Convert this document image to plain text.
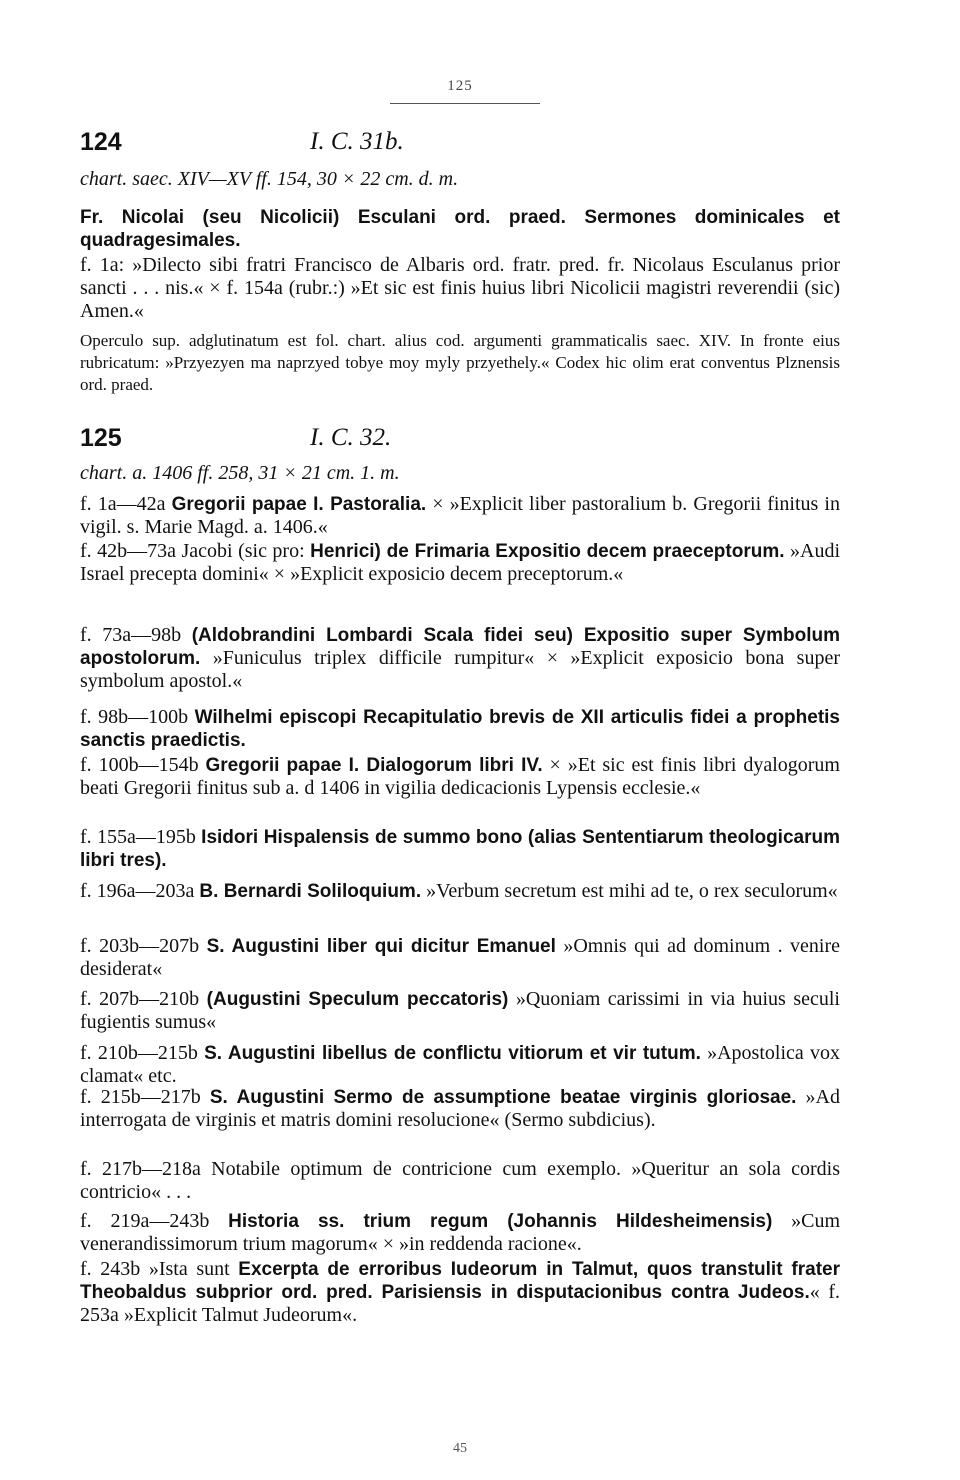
125
124	I. C. 31b.
chart. saec. XIV—XV ff. 154, 30 × 22 cm. d. m.
Fr. Nicolai (seu Nicolicii) Esculani ord. praed. Sermones dominicales et quadragesimales.
f. 1a: »Dilecto sibi fratri Francisco de Albaris ord. fratr. pred. fr. Nicolaus Esculanus prior sancti . . . nis.« × f. 154a (rubr.:) »Et sic est finis huius libri Nicolicii magistri reverendii (sic) Amen.«
Operculo sup. adglutinatum est fol. chart. alius cod. argumenti grammaticalis saec. XIV. In fronte eius rubricatum: »Przyezyen ma naprzyed tobye moy myly przyethely.« Codex hic olim erat conventus Plznensis ord. praed.
125	I. C. 32.
chart. a. 1406 ff. 258, 31 × 21 cm. 1. m.
f. 1a—42a Gregorii papae I. Pastoralia. × »Explicit liber pastoralium b. Gregorii finitus in vigil. s. Marie Magd. a. 1406.«
f. 42b—73a Jacobi (sic pro: Henrici) de Frimaria Expositio decem praeceptorum. »Audi Israel precepta domini« × »Explicit exposicio decem preceptorum.«
f. 73a—98b (Aldobrandini Lombardi Scala fidei seu) Expositio super Symbolum apostolorum. »Funiculus triplex difficile rumpitur« × »Explicit exposicio bona super symbolum apostol.«
f. 98b—100b Wilhelmi episcopi Recapitulatio brevis de XII articulis fidei a prophetis sanctis praedictis.
f. 100b—154b Gregorii papae I. Dialogorum libri IV. × »Et sic est finis libri dyalogorum beati Gregorii finitus sub a. d 1406 in vigilia dedicacionis Lypensis ecclesie.«
f. 155a—195b Isidori Hispalensis de summo bono (alias Sententiarum theologicarum libri tres).
f. 196a—203a B. Bernardi Soliloquium. »Verbum secretum est mihi ad te, o rex seculorum«
f. 203b—207b S. Augustini liber qui dicitur Emanuel »Omnis qui ad dominum . venire desiderat«
f. 207b—210b (Augustini Speculum peccatoris) »Quoniam carissimi in via huius seculi fugientis sumus«
f. 210b—215b S. Augustini libellus de conflictu vitiorum et vir tutum. »Apostolica vox clamat« etc.
f. 215b—217b S. Augustini Sermo de assumptione beatae virginis gloriosae. »Ad interrogata de virginis et matris domini resolucione« (Sermo subdicius).
f. 217b—218a Notabile optimum de contricione cum exemplo. »Queritur an sola cordis contricio« . . .
f. 219a—243b Historia ss. trium regum (Johannis Hildesheimensis) »Cum venerandissimorum trium magorum« × »in reddenda racione«.
f. 243b »Ista sunt Excerpta de erroribus Iudeorum in Talmut, quos transtulit frater Theobaldus subprior ord. pred. Parisiensis in disputacionibus contra Judeos.« f. 253a »Explicit Talmut Judeorum«.
45
